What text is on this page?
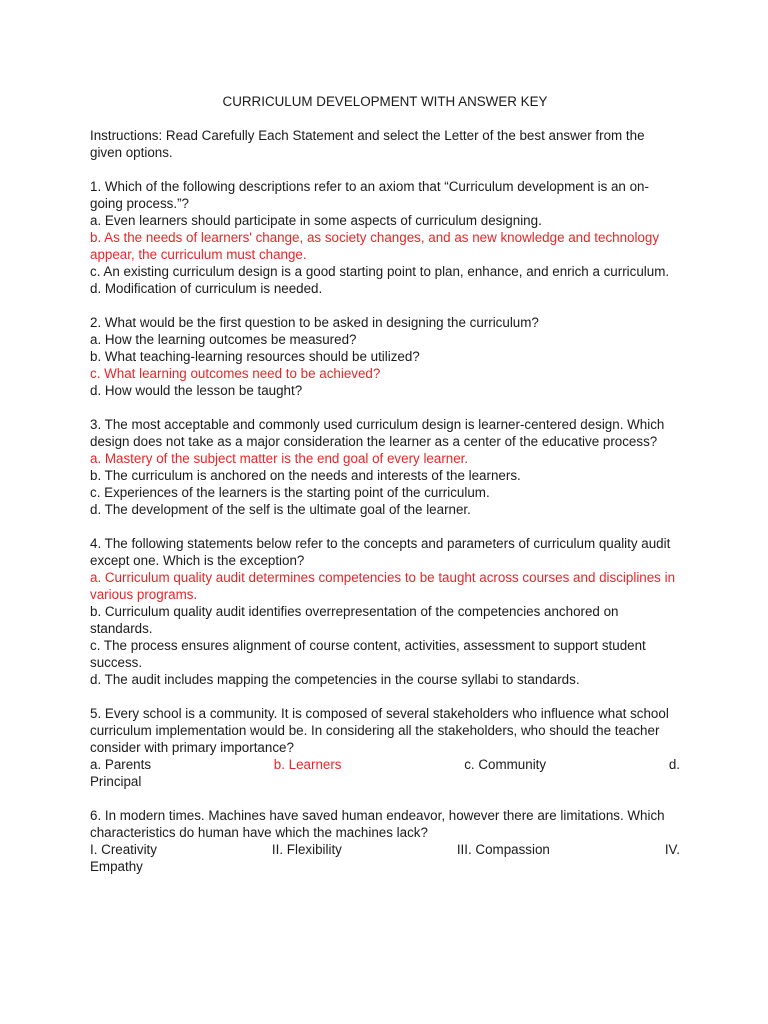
CURRICULUM DEVELOPMENT WITH ANSWER KEY

Instructions: Read Carefully Each Statement and select the Letter of the best answer from the given options.

1. Which of the following descriptions refer to an axiom that “Curriculum development is an on-going process.”?

a. Even learners should participate in some aspects of curriculum designing.

b. As the needs of learners' change, as society changes, and as new knowledge and technology appear, the curriculum must change.

c. An existing curriculum design is a good starting point to plan, enhance, and enrich a curriculum.

d. Modification of curriculum is needed.

2. What would be the first question to be asked in designing the curriculum?

a. How the learning outcomes be measured?

b. What teaching-learning resources should be utilized?

c. What learning outcomes need to be achieved?

d. How would the lesson be taught?

3. The most acceptable and commonly used curriculum design is learner-centered design. Which design does not take as a major consideration the learner as a center of the educative process?

a. Mastery of the subject matter is the end goal of every learner.

b. The curriculum is anchored on the needs and interests of the learners.

c. Experiences of the learners is the starting point of the curriculum.

d. The development of the self is the ultimate goal of the learner.

4. The following statements below refer to the concepts and parameters of curriculum quality audit except one. Which is the exception?

a. Curriculum quality audit determines competencies to be taught across courses and disciplines in various programs.

b. Curriculum quality audit identifies overrepresentation of the competencies anchored on standards.

c. The process ensures alignment of course content, activities, assessment to support student success.

d. The audit includes mapping the competencies in the course syllabi to standards.

5. Every school is a community. It is composed of several stakeholders who influence what school curriculum implementation would be. In considering all the stakeholders, who should the teacher consider with primary importance?

a. Parents	b. Learners	c. Community	d.

Principal

6. In modern times. Machines have saved human endeavor, however there are limitations. Which characteristics do human have which the machines lack?

I. Creativity	II. Flexibility	III. Compassion	IV.

Empathy
